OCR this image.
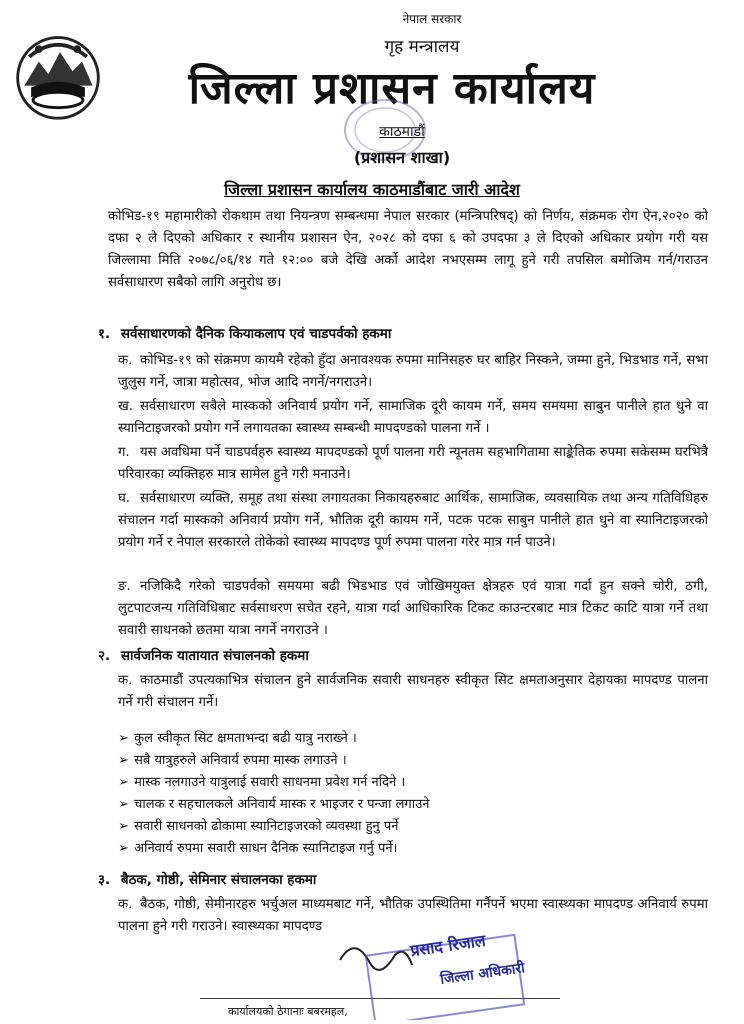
नेपाल सरकार
गृह मन्त्रालय
जिल्ला प्रशासन कार्यालय
काठमाडौं
(प्रशासन शाखा)
जिल्ला प्रशासन कार्यालय काठमाडौंबाट जारी आदेश
कोभिड-१९ महामारीको रोकथाम तथा नियन्त्रण सम्बन्धमा नेपाल सरकार (मन्त्रिपरिषद्) को निर्णय, संक्रमक रोग ऐन,२०२० को दफा २ ले दिएको अधिकार र स्थानीय प्रशासन ऐन, २०२८ को दफा ६ को उपदफा ३ ले दिएको अधिकार प्रयोग गरी यस जिल्लामा मिति २०७८/०६/१४ गते १२:०० बजे देखि अर्को आदेश नभएसम्म लागू हुने गरी तपसिल बमोजिम गर्न/गराउन सर्वसाधारण सबैको लागि अनुरोध छ।
१. सर्वसाधारणको दैनिक कियाकलाप एवं चाडपर्वको हकमा
क. कोभिड-१९ को संक्रमण कायमै रहेको हुँदा अनावश्यक रुपमा मानिसहरु घर बाहिर निस्कने, जम्मा हुने, भिडभाड गर्ने, सभा जुलुस गर्ने, जात्रा महोत्सव, भोज आदि नगर्ने/नगराउने।
ख. सर्वसाधारण सबैले मास्कको अनिवार्य प्रयोग गर्ने, सामाजिक दूरी कायम गर्ने, समय समयमा साबुन पानीले हात धुने वा स्यानिटाइजरको प्रयोग गर्ने लगायतका स्वास्थ्य सम्बन्धी मापदण्डको पालना गर्ने ।
ग. यस अवधिमा पर्ने चाडपर्वहरु स्वास्थ्य मापदण्डको पूर्ण पालना गरी न्यूनतम सहभागितामा साङ्केतिक रुपमा सकेसम्म घरभित्रै परिवारका व्यक्तिहरु मात्र सामेल हुने गरी मनाउने।
घ. सर्वसाधारण व्यक्ति, समूह तथा संस्था लगायतका निकायहरुबाट आर्थिक, सामाजिक, व्यवसायिक तथा अन्य गतिविधिहरु संचालन गर्दा मास्कको अनिवार्य प्रयोग गर्ने, भौतिक दूरी कायम गर्ने, पटक पटक साबुन पानीले हात धुने वा स्यानिटाइजरको प्रयोग गर्ने र नेपाल सरकारले तोकेको स्वास्थ्य मापदण्ड पूर्ण रुपमा पालना गरेर मात्र गर्न पाउने।
ङ. नजिकिदै गरेको चाडपर्वको समयमा बढी भिडभाड एवं जोखिमयुक्त क्षेत्रहरु एवं यात्रा गर्दा हुन सक्ने चोरी, ठगी, लुटपाटजन्य गतिविधिबाट सर्वसाधरण सचेत रहने, यात्रा गर्दा आधिकारिक टिकट काउन्टरबाट मात्र टिकट काटि यात्रा गर्ने तथा सवारी साधनको छतमा यात्रा नगर्ने नगराउने ।
२. सार्वजनिक यातायात संचालनको हकमा
क. काठमाडौं उपत्यकाभित्र संचालन हुने सार्वजनिक सवारी साधनहरु स्वीकृत सिट क्षमताअनुसार देहायका मापदण्ड पालना गर्ने गरी संचालन गर्ने।
➢ कुल स्वीकृत सिट क्षमताभन्दा बढी यात्रु नराख्ने ।
➢ सबै यात्रुहरुले अनिवार्य रुपमा मास्क लगाउने ।
➢ मास्क नलगाउने यात्रुलाई सवारी साधनमा प्रवेश गर्न नदिने ।
➢ चालक र सहचालकले अनिवार्य मास्क र भाइजर र पन्जा लगाउने
➢ सवारी साधनको ढोकामा स्यानिटाइजरको व्यवस्था हुनु पर्ने
➢ अनिवार्य रुपमा सवारी साधन दैनिक स्यानिटाइज गर्नु पर्ने।
३. बैठक, गोष्ठी, सेमिनार संचालनका हकमा
क. बैठक, गोष्ठी, सेमीनारहरु भर्चुअल माध्यमबाट गर्ने, भौतिक उपस्थितिमा गर्नैपर्ने भएमा स्वास्थ्यका मापदण्ड अनिवार्य रुपमा पालना हुने गरी गराउने। स्वास्थ्यका मापदण्ड
प्रसाद रिजाल
जिल्ला अधिकारी
कार्यालयको ठेगानाः बबरमहल,
